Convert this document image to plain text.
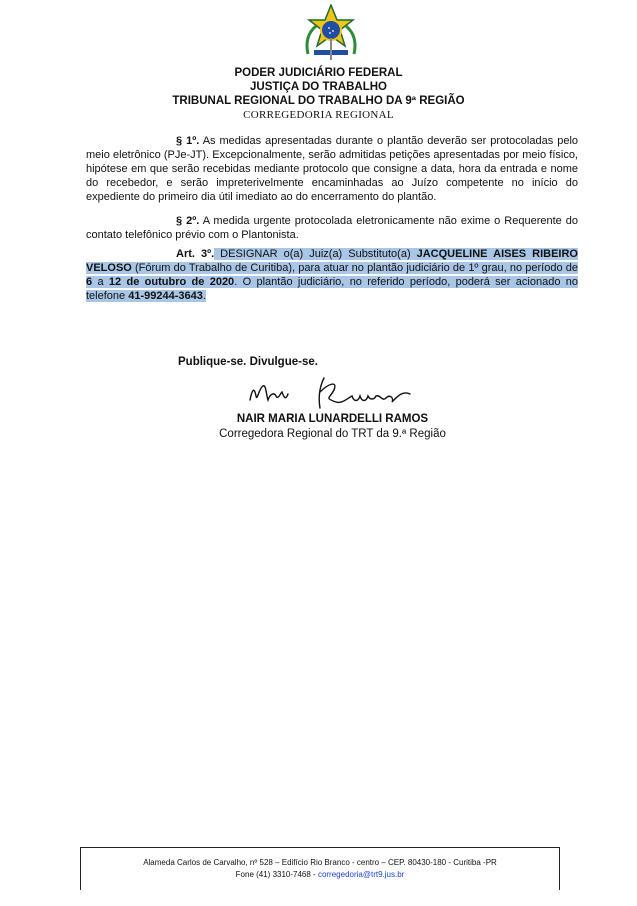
PODER JUDICIÁRIO FEDERAL
JUSTIÇA DO TRABALHO
TRIBUNAL REGIONAL DO TRABALHO DA 9ª REGIÃO
CORREGEDORIA REGIONAL

§ 1º. As medidas apresentadas durante o plantão deverão ser protocoladas pelo meio eletrônico (PJe-JT). Excepcionalmente, serão admitidas petições apresentadas por meio físico, hipótese em que serão recebidas mediante protocolo que consigne a data, hora da entrada e nome do recebedor, e serão impreterivelmente encaminhadas ao Juízo competente no início do expediente do primeiro dia útil imediato ao do encerramento do plantão.

§ 2º. A medida urgente protocolada eletronicamente não exime o Requerente do contato telefônico prévio com o Plantonista.

Art. 3º. DESIGNAR o(a) Juiz(a) Substituto(a) JACQUELINE AISES RIBEIRO VELOSO (Fórum do Trabalho de Curitiba), para atuar no plantão judiciário de 1º grau, no período de 6 a 12 de outubro de 2020. O plantão judiciário, no referido período, poderá ser acionado no telefone 41-99244-3643.

Publique-se. Divulgue-se.
NAIR MARIA LUNARDELLI RAMOS
Corregedora Regional do TRT da 9.ª Região
Alameda Carlos de Carvalho, nº 528 – Edifício Rio Branco - centro – CEP. 80430-180 - Curitiba -PR
Fone (41) 3310-7468 - corregedoria@trt9.jus.br
